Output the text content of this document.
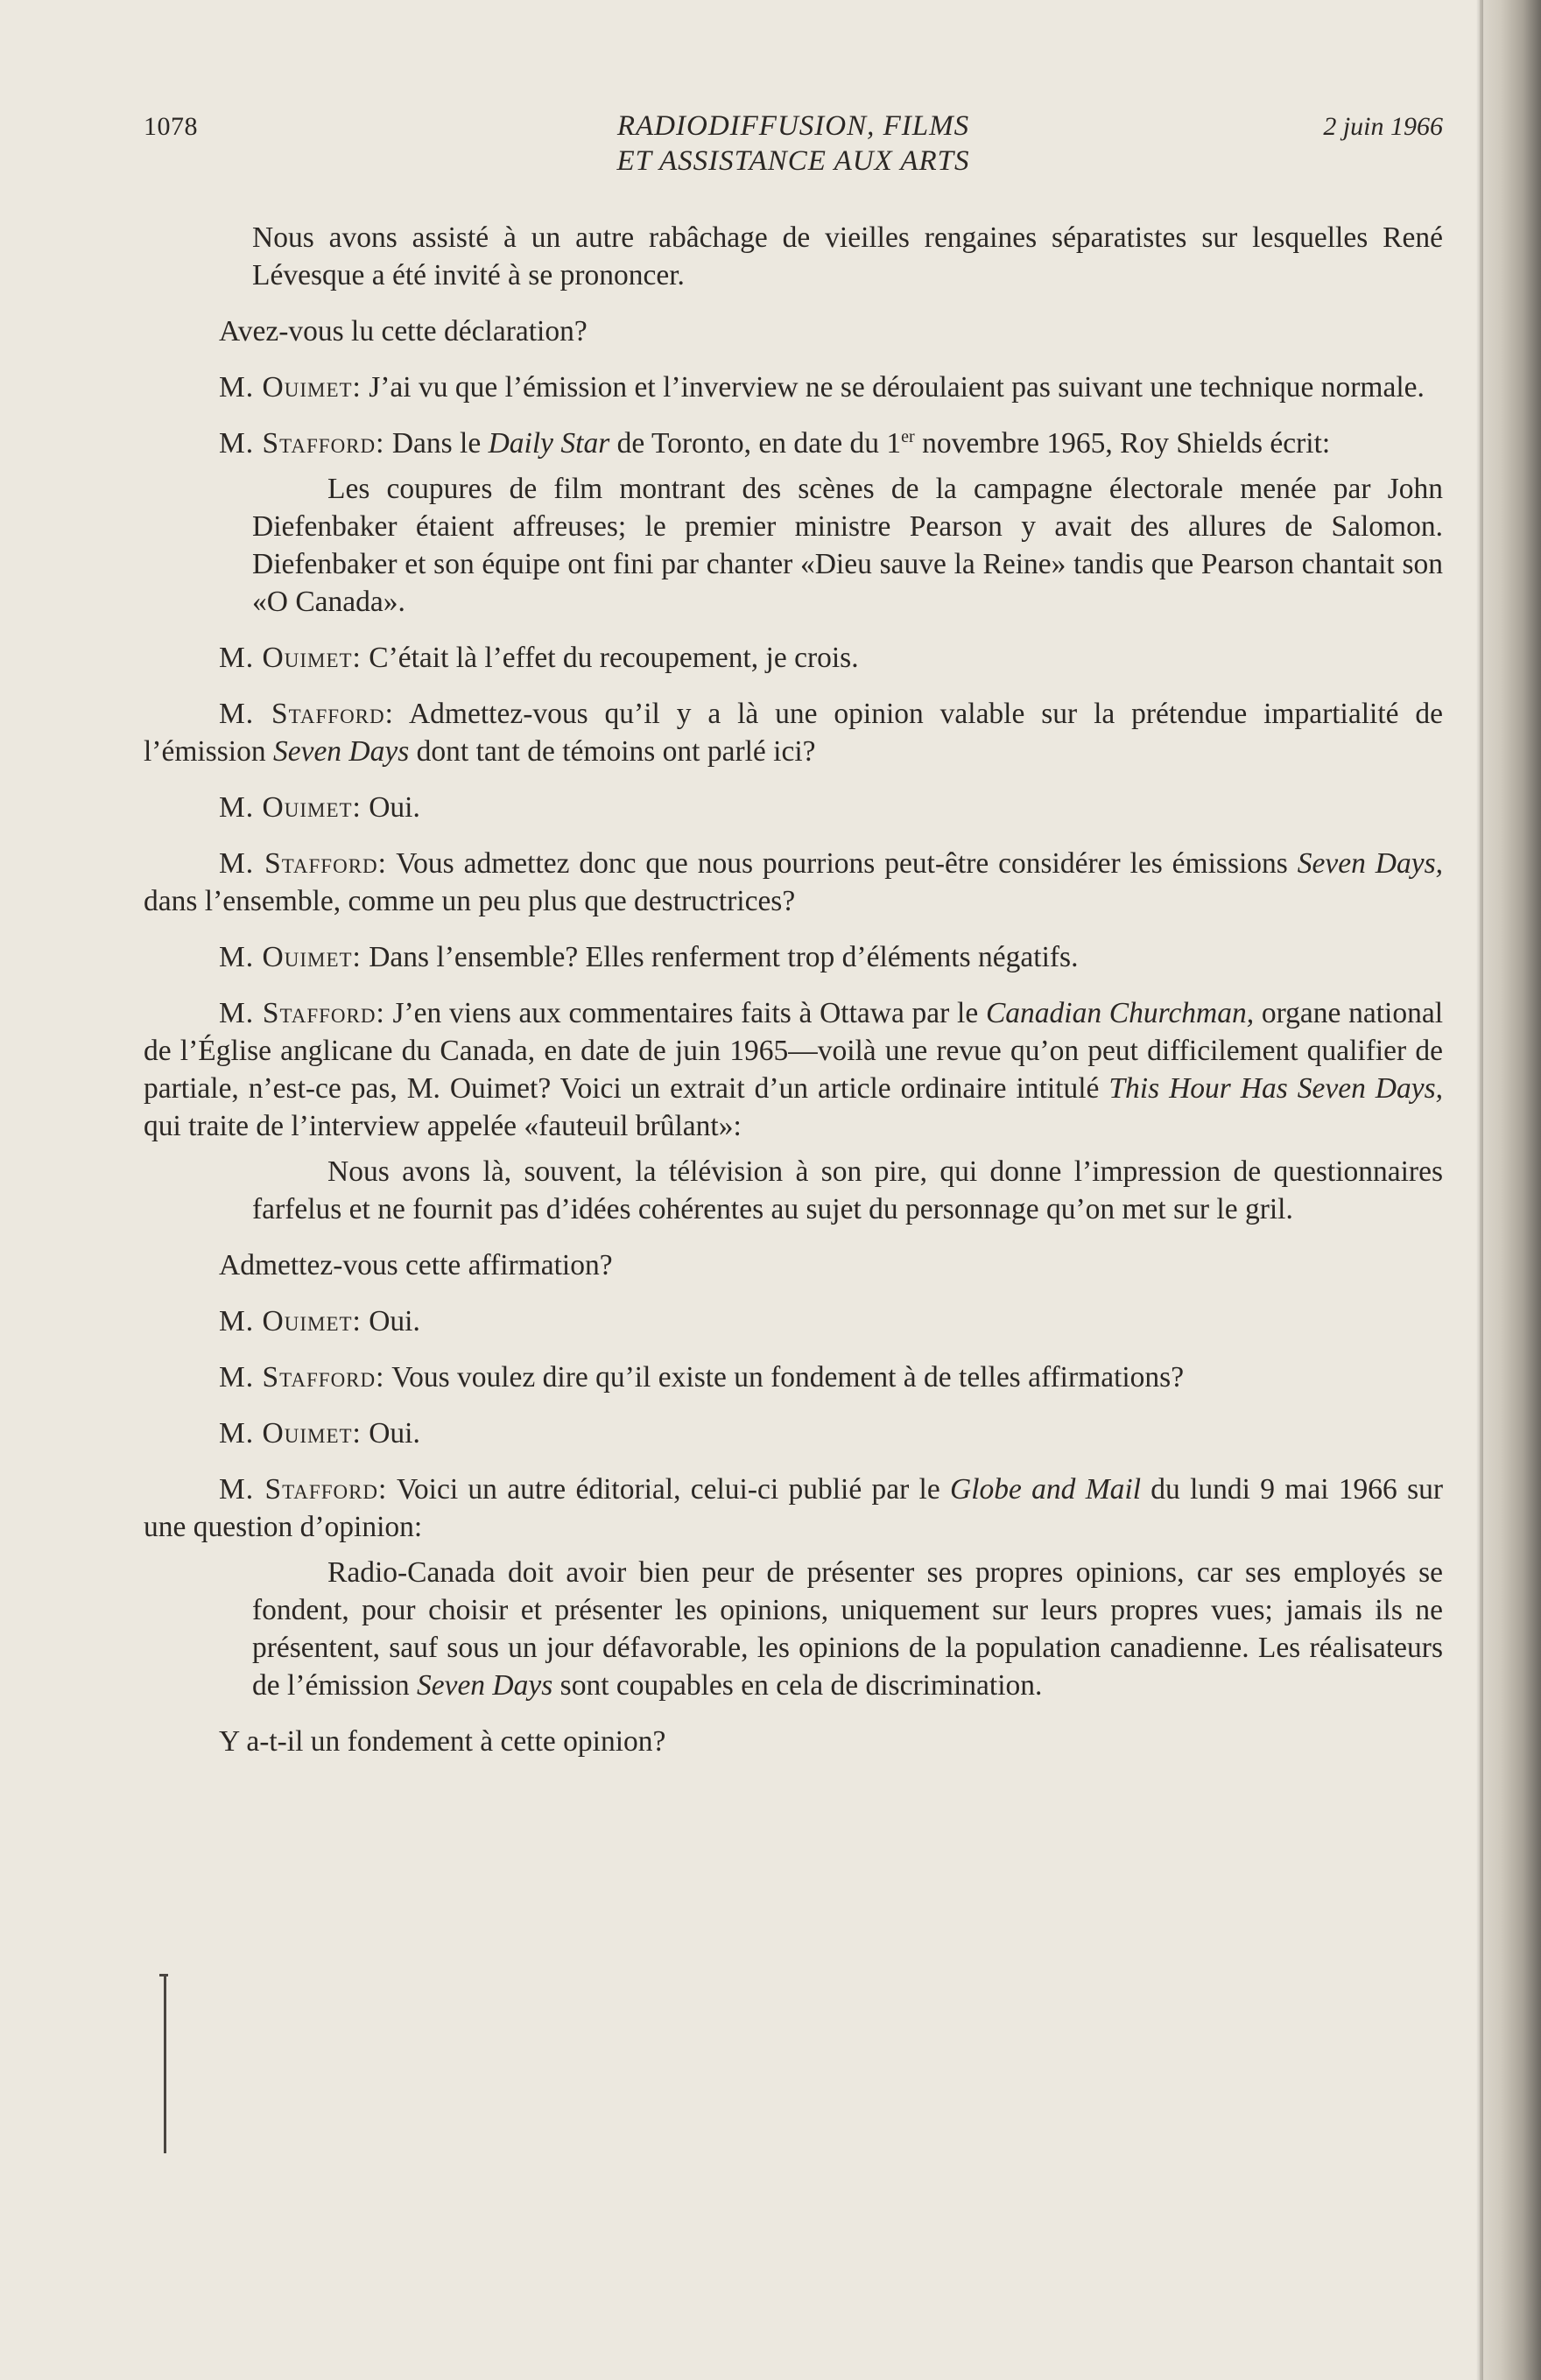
1078	RADIODIFFUSION, FILMS
ET ASSISTANCE AUX ARTS
2 juin 1966

Nous avons assisté à un autre rabâchage de vieilles rengaines séparatistes sur lesquelles René Lévesque a été invité à se prononcer.

Avez-vous lu cette déclaration?

M. Ouimet: J’ai vu que l’émission et l’inverview ne se déroulaient pas suivant une technique normale.

M. Stafford: Dans le Daily Star de Toronto, en date du 1er novembre 1965, Roy Shields écrit:

Les coupures de film montrant des scènes de la campagne électorale menée par John Diefenbaker étaient affreuses; le premier ministre Pearson y avait des allures de Salomon. Diefenbaker et son équipe ont fini par chanter «Dieu sauve la Reine» tandis que Pearson chantait son «O Canada».

M. Ouimet: C’était là l’effet du recoupement, je crois.

M. Stafford: Admettez-vous qu’il y a là une opinion valable sur la prétendue impartialité de l’émission Seven Days dont tant de témoins ont parlé ici?

M. Ouimet: Oui.

M. Stafford: Vous admettez donc que nous pourrions peut-être considérer les émissions Seven Days, dans l’ensemble, comme un peu plus que destructrices?

M. Ouimet: Dans l’ensemble? Elles renferment trop d’éléments négatifs.

M. Stafford: J’en viens aux commentaires faits à Ottawa par le Canadian Churchman, organe national de l’Église anglicane du Canada, en date de juin 1965—voilà une revue qu’on peut difficilement qualifier de partiale, n’est-ce pas, M. Ouimet? Voici un extrait d’un article ordinaire intitulé This Hour Has Seven Days, qui traite de l’interview appelée «fauteuil brûlant»:

Nous avons là, souvent, la télévision à son pire, qui donne l’impression de questionnaires farfelus et ne fournit pas d’idées cohérentes au sujet du personnage qu’on met sur le gril.

Admettez-vous cette affirmation?

M. Ouimet: Oui.

M. Stafford: Vous voulez dire qu’il existe un fondement à de telles affirmations?

M. Ouimet: Oui.

M. Stafford: Voici un autre éditorial, celui-ci publié par le Globe and Mail du lundi 9 mai 1966 sur une question d’opinion:

Radio-Canada doit avoir bien peur de présenter ses propres opinions, car ses employés se fondent, pour choisir et présenter les opinions, uniquement sur leurs propres vues; jamais ils ne présentent, sauf sous un jour défavorable, les opinions de la population canadienne. Les réalisateurs de l’émission Seven Days sont coupables en cela de discrimination.

Y a-t-il un fondement à cette opinion?
